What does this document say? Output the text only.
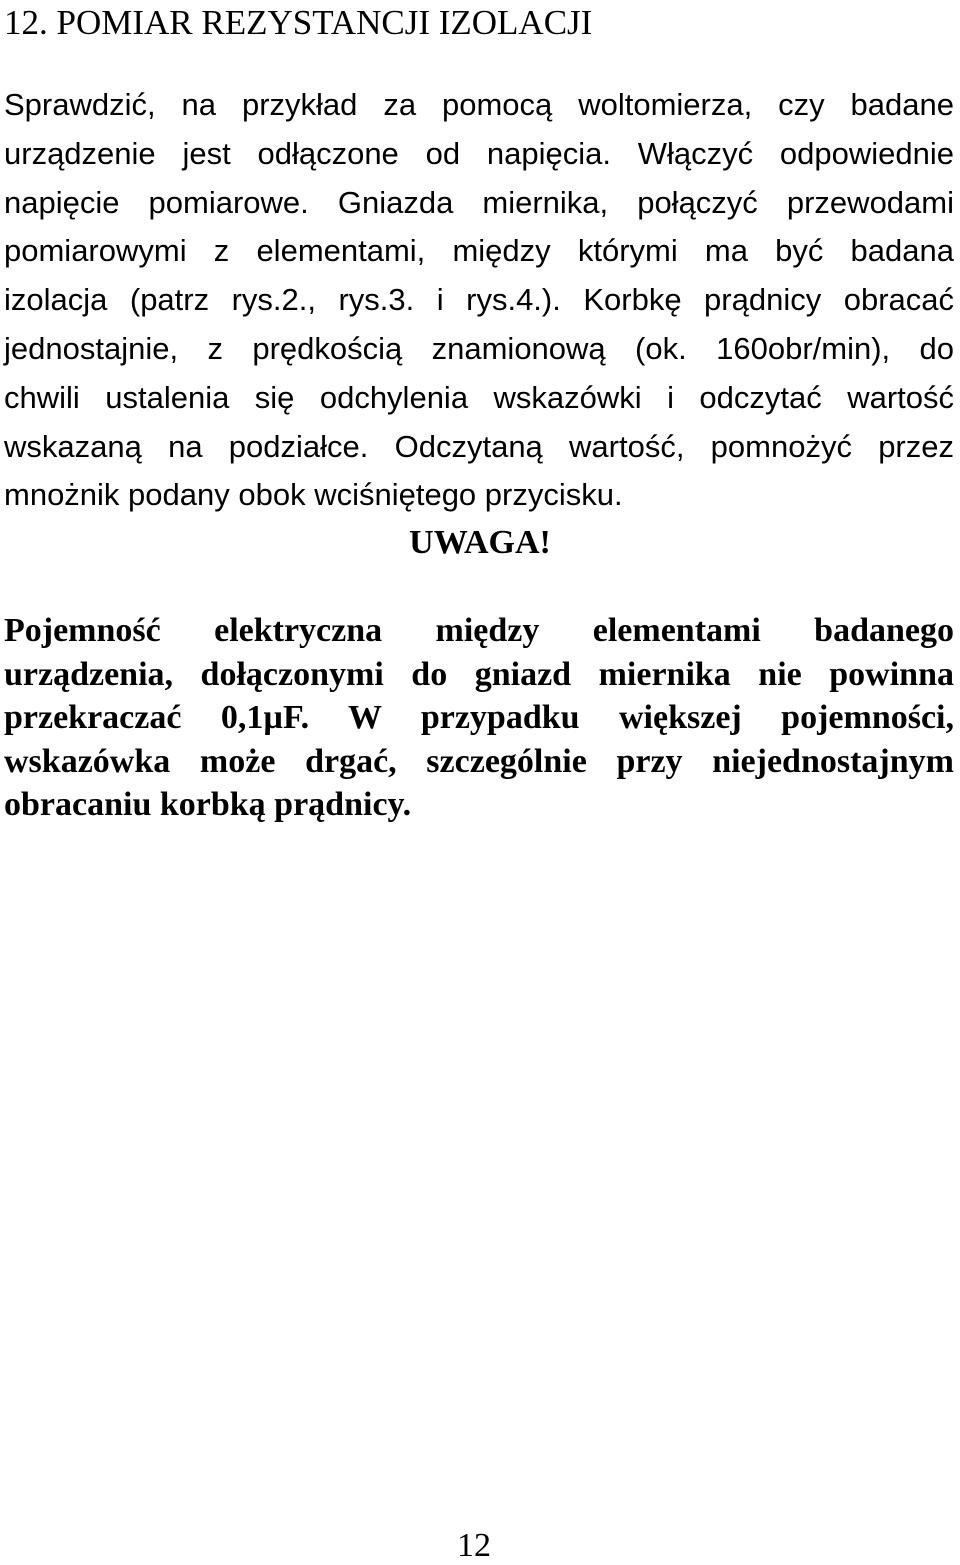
12. POMIAR REZYSTANCJI IZOLACJI

Sprawdzić, na przykład za pomocą woltomierza, czy badane
urządzenie jest odłączone od napięcia. Włączyć odpowiednie
napięcie pomiarowe. Gniazda miernika, połączyć przewodami
pomiarowymi z elementami, między którymi ma być badana
izolacja (patrz rys.2., rys.3. i rys.4.). Korbkę prądnicy obracać
jednostajnie, z prędkością znamionową (ok. 160obr/min), do
chwili ustalenia się odchylenia wskazówki i odczytać wartość
wskazaną na podziałce. Odczytaną wartość, pomnożyć przez
mnożnik podany obok wciśniętego przycisku.

UWAGA!

Pojemność elektryczna między elementami badanego
urządzenia, dołączonymi do gniazd miernika nie powinna
przekraczać 0,1µF. W przypadku większej pojemności,
wskazówka może drgać, szczególnie przy niejednostajnym
obracaniu korbką prądnicy.

12
